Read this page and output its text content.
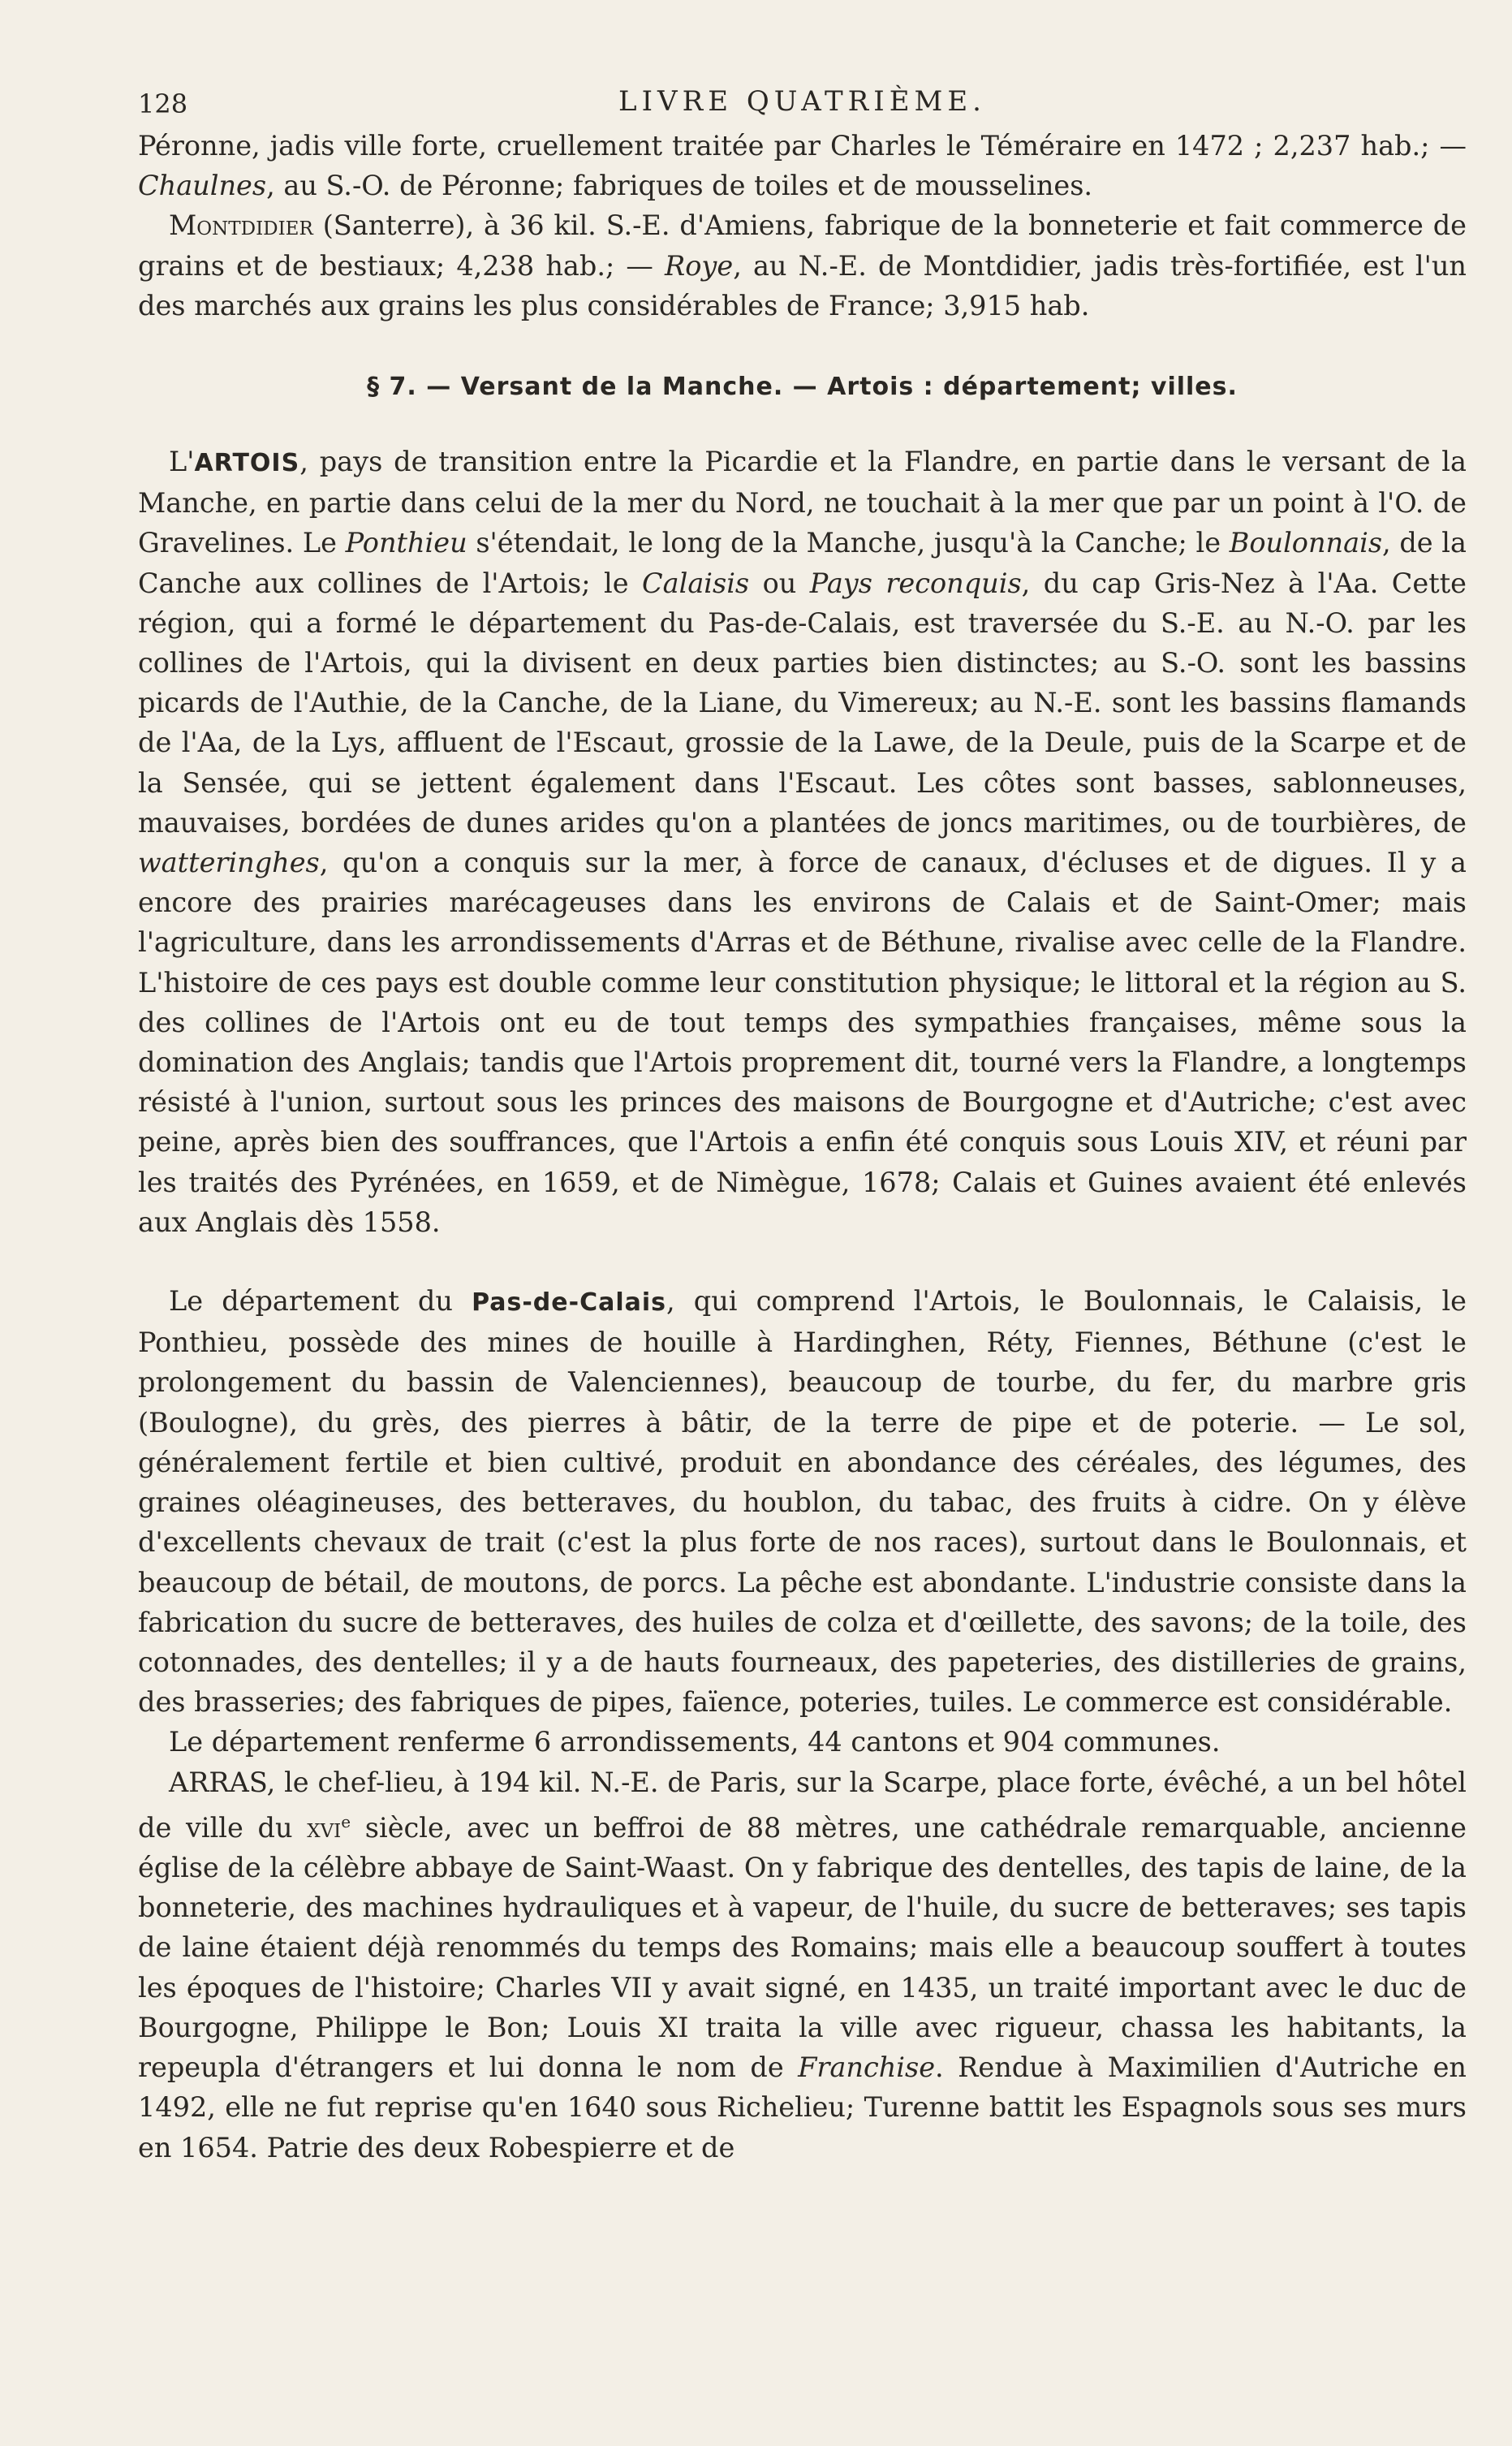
128	LIVRE QUATRIÈME.

Péronne, jadis ville forte, cruellement traitée par Charles le Téméraire en 1472 ; 2,237 hab.; — Chaulnes, au S.-O. de Péronne; fabriques de toiles et de mousselines.

Montdidier (Santerre), à 36 kil. S.-E. d'Amiens, fabrique de la bonneterie et fait commerce de grains et de bestiaux; 4,238 hab.; — Roye, au N.-E. de Montdidier, jadis très-fortifiée, est l'un des marchés aux grains les plus considérables de France; 3,915 hab.

§ 7. — Versant de la Manche. — Artois : département; villes.

L'ARTOIS, pays de transition entre la Picardie et la Flandre, en partie dans le versant de la Manche, en partie dans celui de la mer du Nord, ne touchait à la mer que par un point à l'O. de Gravelines. Le Ponthieu s'étendait, le long de la Manche, jusqu'à la Canche; le Boulonnais, de la Canche aux collines de l'Artois; le Calaisis ou Pays reconquis, du cap Gris-Nez à l'Aa. Cette région, qui a formé le département du Pas-de-Calais, est traversée du S.-E. au N.-O. par les collines de l'Artois, qui la divisent en deux parties bien distinctes; au S.-O. sont les bassins picards de l'Authie, de la Canche, de la Liane, du Vimereux; au N.-E. sont les bassins flamands de l'Aa, de la Lys, affluent de l'Escaut, grossie de la Lawe, de la Deule, puis de la Scarpe et de la Sensée, qui se jettent également dans l'Escaut. Les côtes sont basses, sablonneuses, mauvaises, bordées de dunes arides qu'on a plantées de joncs maritimes, ou de tourbières, de watteringhes, qu'on a conquis sur la mer, à force de canaux, d'écluses et de digues. Il y a encore des prairies marécageuses dans les environs de Calais et de Saint-Omer; mais l'agriculture, dans les arrondissements d'Arras et de Béthune, rivalise avec celle de la Flandre. L'histoire de ces pays est double comme leur constitution physique; le littoral et la région au S. des collines de l'Artois ont eu de tout temps des sympathies françaises, même sous la domination des Anglais; tandis que l'Artois proprement dit, tourné vers la Flandre, a longtemps résisté à l'union, surtout sous les princes des maisons de Bourgogne et d'Autriche; c'est avec peine, après bien des souffrances, que l'Artois a enfin été conquis sous Louis XIV, et réuni par les traités des Pyrénées, en 1659, et de Nimègue, 1678; Calais et Guines avaient été enlevés aux Anglais dès 1558.

Le département du Pas-de-Calais, qui comprend l'Artois, le Boulonnais, le Calaisis, le Ponthieu, possède des mines de houille à Hardinghen, Réty, Fiennes, Béthune (c'est le prolongement du bassin de Valenciennes), beaucoup de tourbe, du fer, du marbre gris (Boulogne), du grès, des pierres à bâtir, de la terre de pipe et de poterie. — Le sol, généralement fertile et bien cultivé, produit en abondance des céréales, des légumes, des graines oléagineuses, des betteraves, du houblon, du tabac, des fruits à cidre. On y élève d'excellents chevaux de trait (c'est la plus forte de nos races), surtout dans le Boulonnais, et beaucoup de bétail, de moutons, de porcs. La pêche est abondante. L'industrie consiste dans la fabrication du sucre de betteraves, des huiles de colza et d'œillette, des savons; de la toile, des cotonnades, des dentelles; il y a de hauts fourneaux, des papeteries, des distilleries de grains, des brasseries; des fabriques de pipes, faïence, poteries, tuiles. Le commerce est considérable.

Le département renferme 6 arrondissements, 44 cantons et 904 communes.

ARRAS, le chef-lieu, à 194 kil. N.-E. de Paris, sur la Scarpe, place forte, évêché, a un bel hôtel de ville du xvi$^e$ siècle, avec un beffroi de 88 mètres, une cathédrale remarquable, ancienne église de la célèbre abbaye de Saint-Waast. On y fabrique des dentelles, des tapis de laine, de la bonneterie, des machines hydrauliques et à vapeur, de l'huile, du sucre de betteraves; ses tapis de laine étaient déjà renommés du temps des Romains; mais elle a beaucoup souffert à toutes les époques de l'histoire; Charles VII y avait signé, en 1435, un traité important avec le duc de Bourgogne, Philippe le Bon; Louis XI traita la ville avec rigueur, chassa les habitants, la repeupla d'étrangers et lui donna le nom de Franchise. Rendue à Maximilien d'Autriche en 1492, elle ne fut reprise qu'en 1640 sous Richelieu; Turenne battit les Espagnols sous ses murs en 1654. Patrie des deux Robespierre et de
